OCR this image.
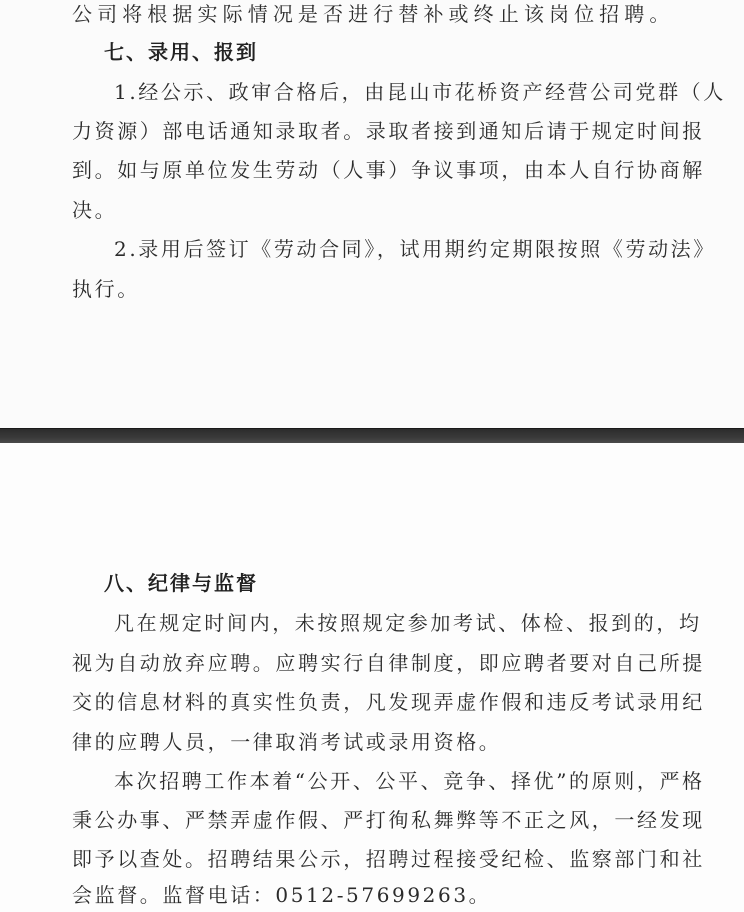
公司将根据实际情况是否进行替补或终止该岗位招聘。
七、录用、报到
1.经公示、政审合格后，由昆山市花桥资产经营公司党群（人
力资源）部电话通知录取者。录取者接到通知后请于规定时间报
到。如与原单位发生劳动（人事）争议事项，由本人自行协商解
决。
2.录用后签订《劳动合同》，试用期约定期限按照《劳动法》
执行。
八、纪律与监督
凡在规定时间内，未按照规定参加考试、体检、报到的，均
视为自动放弃应聘。应聘实行自律制度，即应聘者要对自己所提
交的信息材料的真实性负责，凡发现弄虚作假和违反考试录用纪
律的应聘人员，一律取消考试或录用资格。
本次招聘工作本着“公开、公平、竞争、择优”的原则，严格
秉公办事、严禁弄虚作假、严打徇私舞弊等不正之风，一经发现
即予以查处。招聘结果公示，招聘过程接受纪检、监察部门和社
会监督。监督电话：0512-57699263。
